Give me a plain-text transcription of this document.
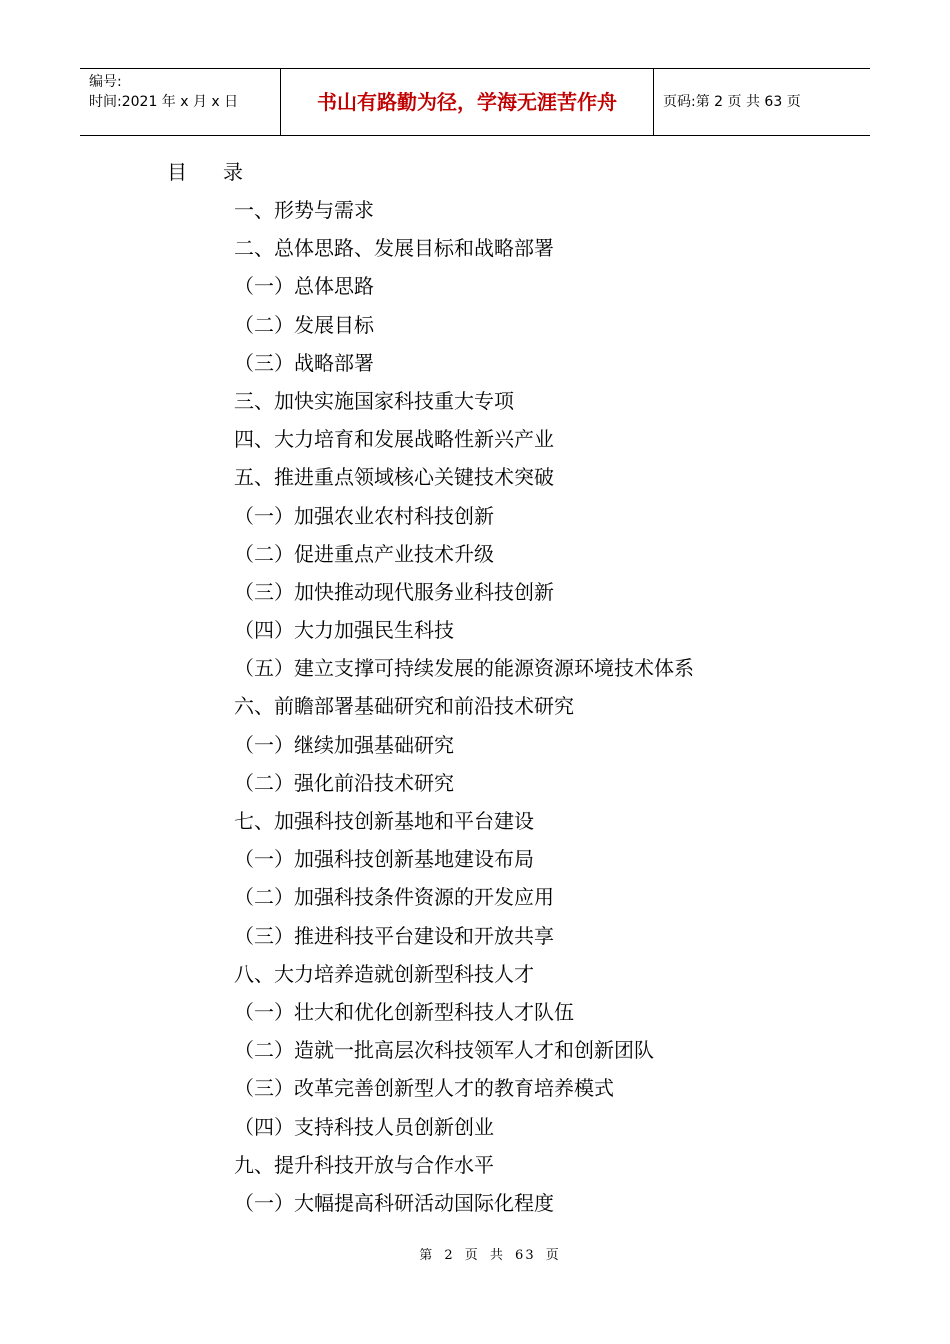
编号:
时间:2021 年 x 月 x 日	书山有路勤为径，学海无涯苦作舟	页码:第 2 页 共 63 页
目录
一、形势与需求
二、总体思路、发展目标和战略部署
（一）总体思路
（二）发展目标
（三）战略部署
三、加快实施国家科技重大专项
四、大力培育和发展战略性新兴产业
五、推进重点领域核心关键技术突破
（一）加强农业农村科技创新
（二）促进重点产业技术升级
（三）加快推动现代服务业科技创新
（四）大力加强民生科技
（五）建立支撑可持续发展的能源资源环境技术体系
六、前瞻部署基础研究和前沿技术研究
（一）继续加强基础研究
（二）强化前沿技术研究
七、加强科技创新基地和平台建设
（一）加强科技创新基地建设布局
（二）加强科技条件资源的开发应用
（三）推进科技平台建设和开放共享
八、大力培养造就创新型科技人才
（一）壮大和优化创新型科技人才队伍
（二）造就一批高层次科技领军人才和创新团队
（三）改革完善创新型人才的教育培养模式
（四）支持科技人员创新创业
九、提升科技开放与合作水平
（一）大幅提高科研活动国际化程度
第 2 页 共 63 页
